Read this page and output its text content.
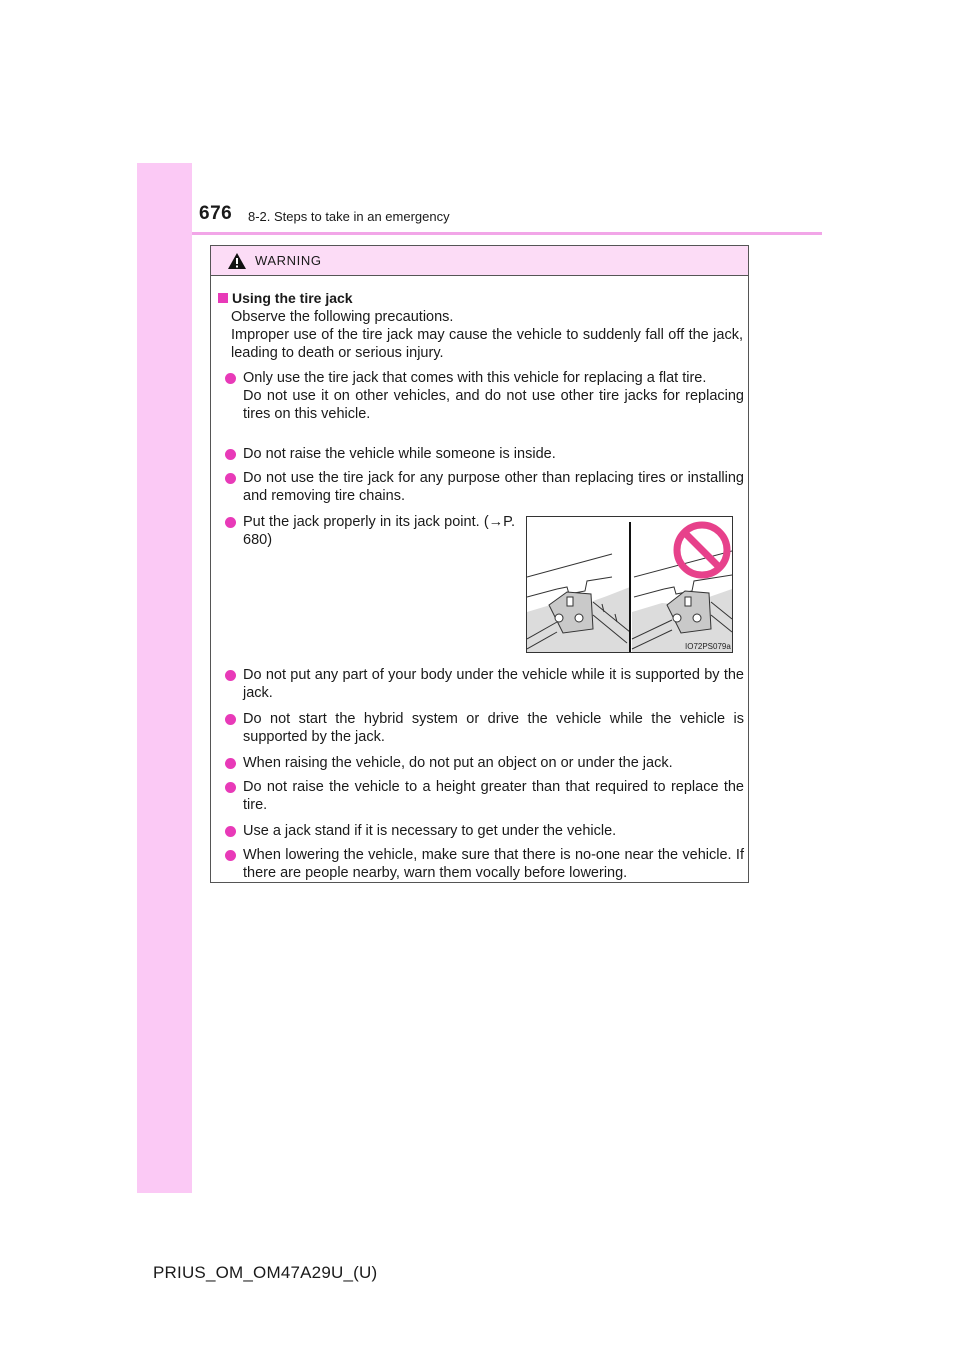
676 8-2. Steps to take in an emergency
WARNING
Using the tire jack
Observe the following precautions.
Improper use of the tire jack may cause the vehicle to suddenly fall off the jack, leading to death or serious injury.
Only use the tire jack that comes with this vehicle for replacing a flat tire.
Do not use it on other vehicles, and do not use other tire jacks for replacing tires on this vehicle.
Do not raise the vehicle while someone is inside.
Do not use the tire jack for any purpose other than replacing tires or installing and removing tire chains.
Put the jack properly in its jack point. (→P. 680)
IO72PS079a
Do not put any part of your body under the vehicle while it is supported by the jack.
Do not start the hybrid system or drive the vehicle while the vehicle is supported by the jack.
When raising the vehicle, do not put an object on or under the jack.
Do not raise the vehicle to a height greater than that required to replace the tire.
Use a jack stand if it is necessary to get under the vehicle.
When lowering the vehicle, make sure that there is no-one near the vehicle. If there are people nearby, warn them vocally before lowering.
PRIUS_OM_OM47A29U_(U)
